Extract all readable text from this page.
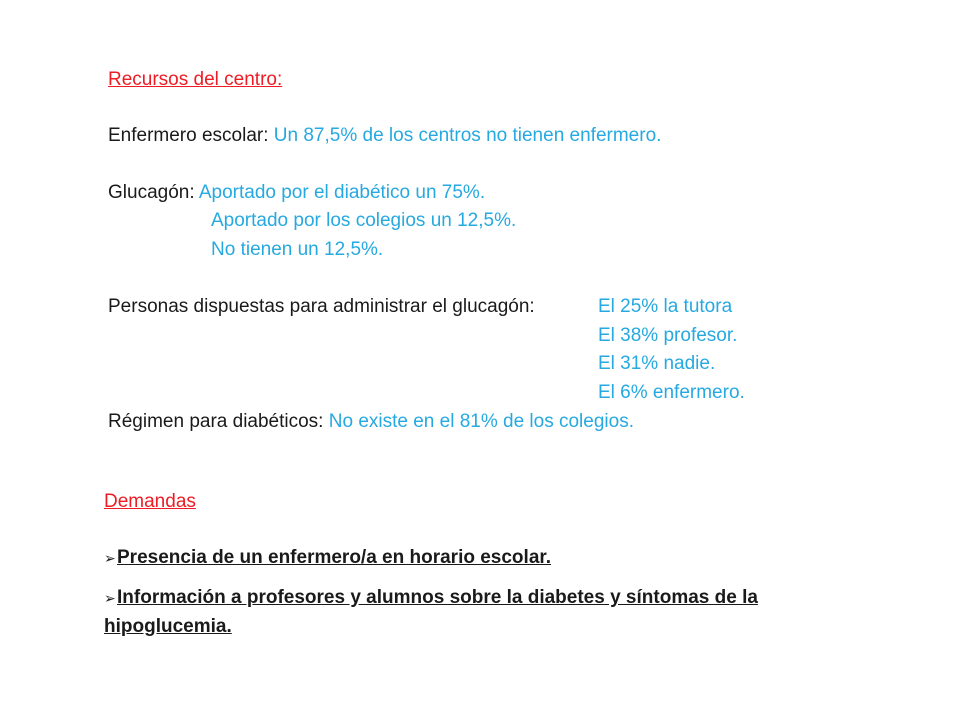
Recursos del centro:
Enfermero escolar: Un 87,5% de los centros no tienen enfermero.
Glucagón: Aportado por el diabético un 75%.
Aportado por los colegios un 12,5%.
No tienen un 12,5%.
Personas dispuestas para administrar el glucagón:	El 25% la tutora
El 38% profesor.
El 31% nadie.
El 6% enfermero.
Régimen para diabéticos: No existe en el 81% de los colegios.
Demandas
➢Presencia de un enfermero/a en horario escolar.
➢Información a profesores y alumnos sobre la diabetes y síntomas de la
hipoglucemia.
